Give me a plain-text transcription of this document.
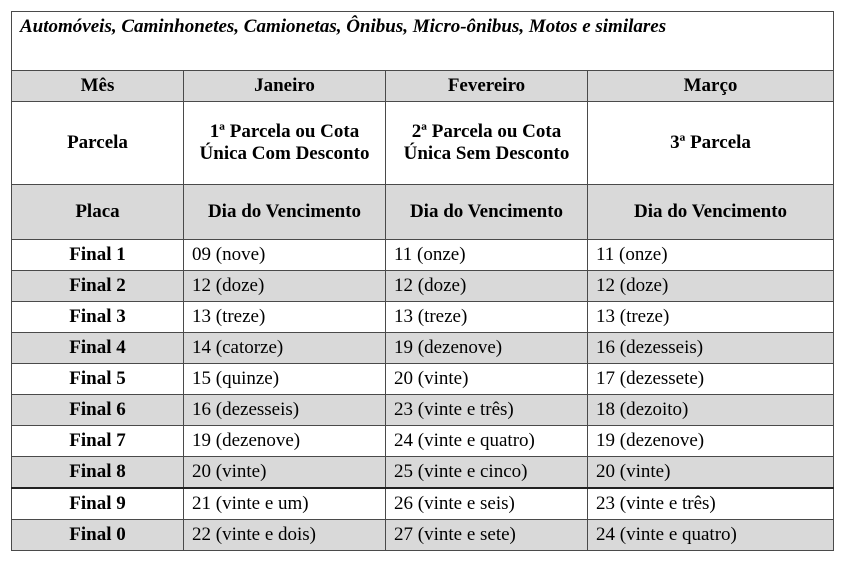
Automóveis, Caminhonetes, Camionetas, Ônibus, Micro-ônibus, Motos e similares			
Mês	Janeiro	Fevereiro	Março
Parcela	1ª Parcela ou Cota Única Com Desconto	2ª Parcela ou Cota Única Sem Desconto	3ª Parcela
Placa	Dia do Vencimento	Dia do Vencimento	Dia do Vencimento
Final 1	09 (nove)	11 (onze)	11 (onze)
Final 2	12 (doze)	12 (doze)	12 (doze)
Final 3	13 (treze)	13 (treze)	13 (treze)
Final 4	14 (catorze)	19 (dezenove)	16 (dezesseis)
Final 5	15 (quinze)	20 (vinte)	17 (dezessete)
Final 6	16 (dezesseis)	23 (vinte e três)	18 (dezoito)
Final 7	19 (dezenove)	24 (vinte e quatro)	19 (dezenove)
Final 8	20 (vinte)	25 (vinte e cinco)	20 (vinte)
Final 9	21 (vinte e um)	26 (vinte e seis)	23 (vinte e três)
Final 0	22 (vinte e dois)	27 (vinte e sete)	24 (vinte e quatro)
